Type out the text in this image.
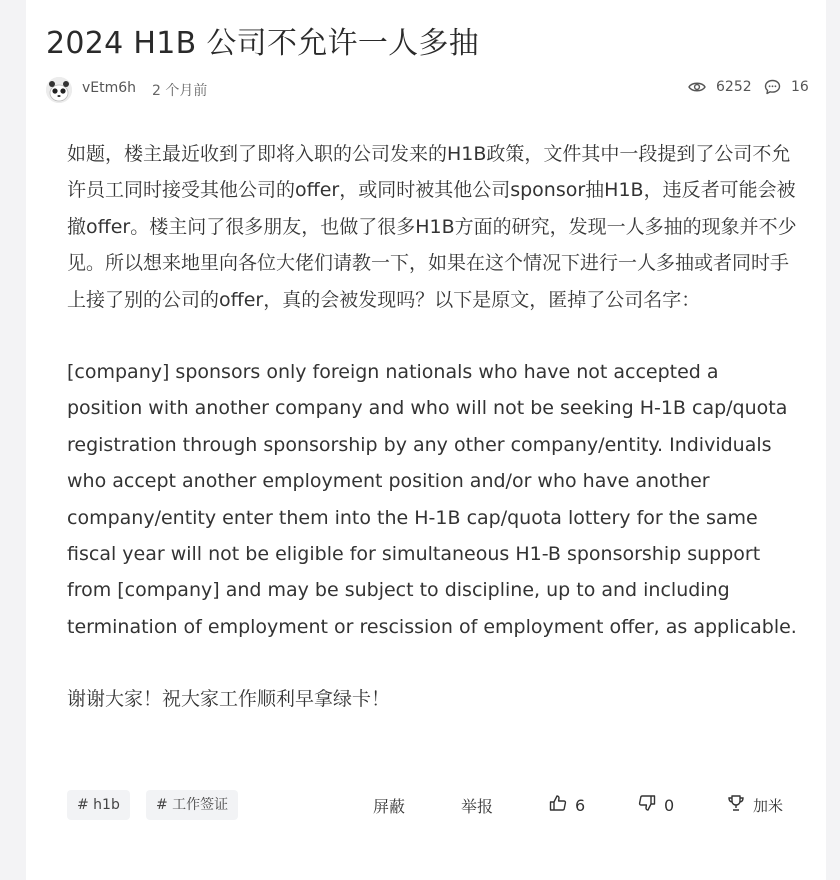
2024 H1B 公司不允许一人多抽
vEtm6h 2 个月前	6252	16

如题，楼主最近收到了即将入职的公司发来的H1B政策，文件其中一段提到了公司不允许员工同时接受其他公司的offer，或同时被其他公司sponsor抽H1B，违反者可能会被撤offer。楼主问了很多朋友，也做了很多H1B方面的研究，发现一人多抽的现象并不少见。所以想来地里向各位大佬们请教一下，如果在这个情况下进行一人多抽或者同时手上接了别的公司的offer，真的会被发现吗？以下是原文，匿掉了公司名字：

[company] sponsors only foreign nationals who have not accepted a position with another company and who will not be seeking H-1B cap/quota registration through sponsorship by any other company/entity. Individuals who accept another employment position and/or who have another company/entity enter them into the H-1B cap/quota lottery for the same fiscal year will not be eligible for simultaneous H1-B sponsorship support from [company] and may be subject to discipline, up to and including termination of employment or rescission of employment offer, as applicable.

谢谢大家！祝大家工作顺利早拿绿卡！

# h1b	# 工作签证	屏蔽	举报	6	0	加米
